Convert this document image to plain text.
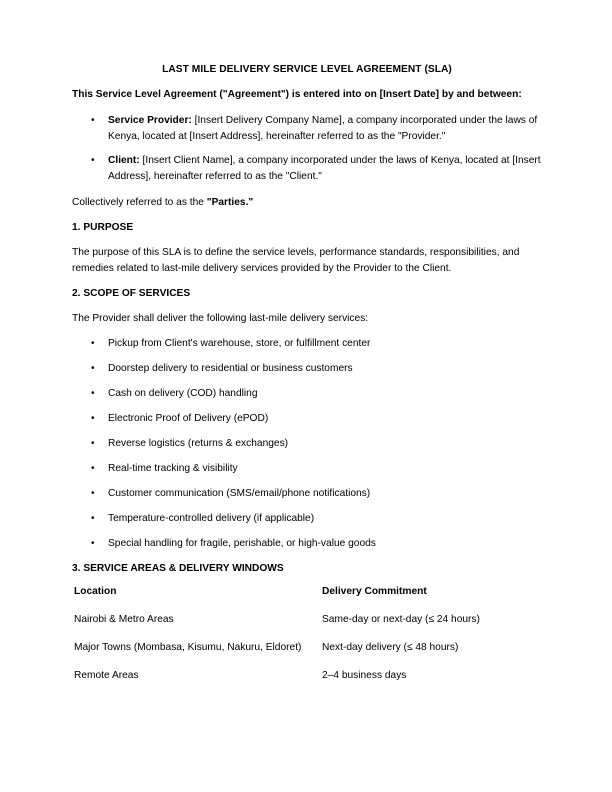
LAST MILE DELIVERY SERVICE LEVEL AGREEMENT (SLA)
This Service Level Agreement ("Agreement") is entered into on [Insert Date] by and between:
• Service Provider: [Insert Delivery Company Name], a company incorporated under the laws of Kenya, located at [Insert Address], hereinafter referred to as the "Provider."
• Client: [Insert Client Name], a company incorporated under the laws of Kenya, located at [Insert Address], hereinafter referred to as the "Client."

Collectively referred to as the "Parties."

1. PURPOSE

The purpose of this SLA is to define the service levels, performance standards, responsibilities, and remedies related to last-mile delivery services provided by the Provider to the Client.

2. SCOPE OF SERVICES

The Provider shall deliver the following last-mile delivery services:

• Pickup from Client's warehouse, store, or fulfillment center
• Doorstep delivery to residential or business customers
• Cash on delivery (COD) handling
• Electronic Proof of Delivery (ePOD)
• Reverse logistics (returns & exchanges)
• Real-time tracking & visibility
• Customer communication (SMS/email/phone notifications)
• Temperature-controlled delivery (if applicable)
• Special handling for fragile, perishable, or high-value goods
3. SERVICE AREAS & DELIVERY WINDOWS
Location	Delivery Commitment
Nairobi & Metro Areas	Same-day or next-day (≤ 24 hours)
Major Towns (Mombasa, Kisumu, Nakuru, Eldoret)	Next-day delivery (≤ 48 hours)
Remote Areas	2–4 business days
